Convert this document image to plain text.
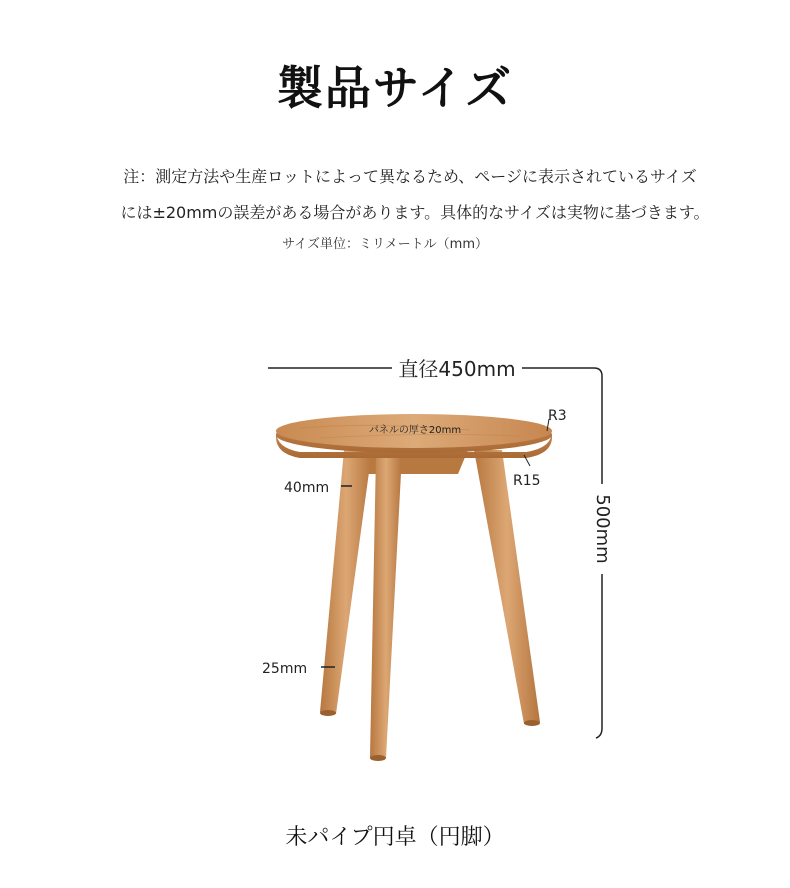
製品サイズ
注：測定方法や生産ロットによって異なるため、ページに表示されているサイズ
には±20mmの誤差がある場合があります。具体的なサイズは実物に基づきます。
サイズ単位：ミリメートル（mm）
直径450mm
パネルの厚さ20mm
R3
R15
40mm
25mm
500mm
未パイプ円卓（円脚）
